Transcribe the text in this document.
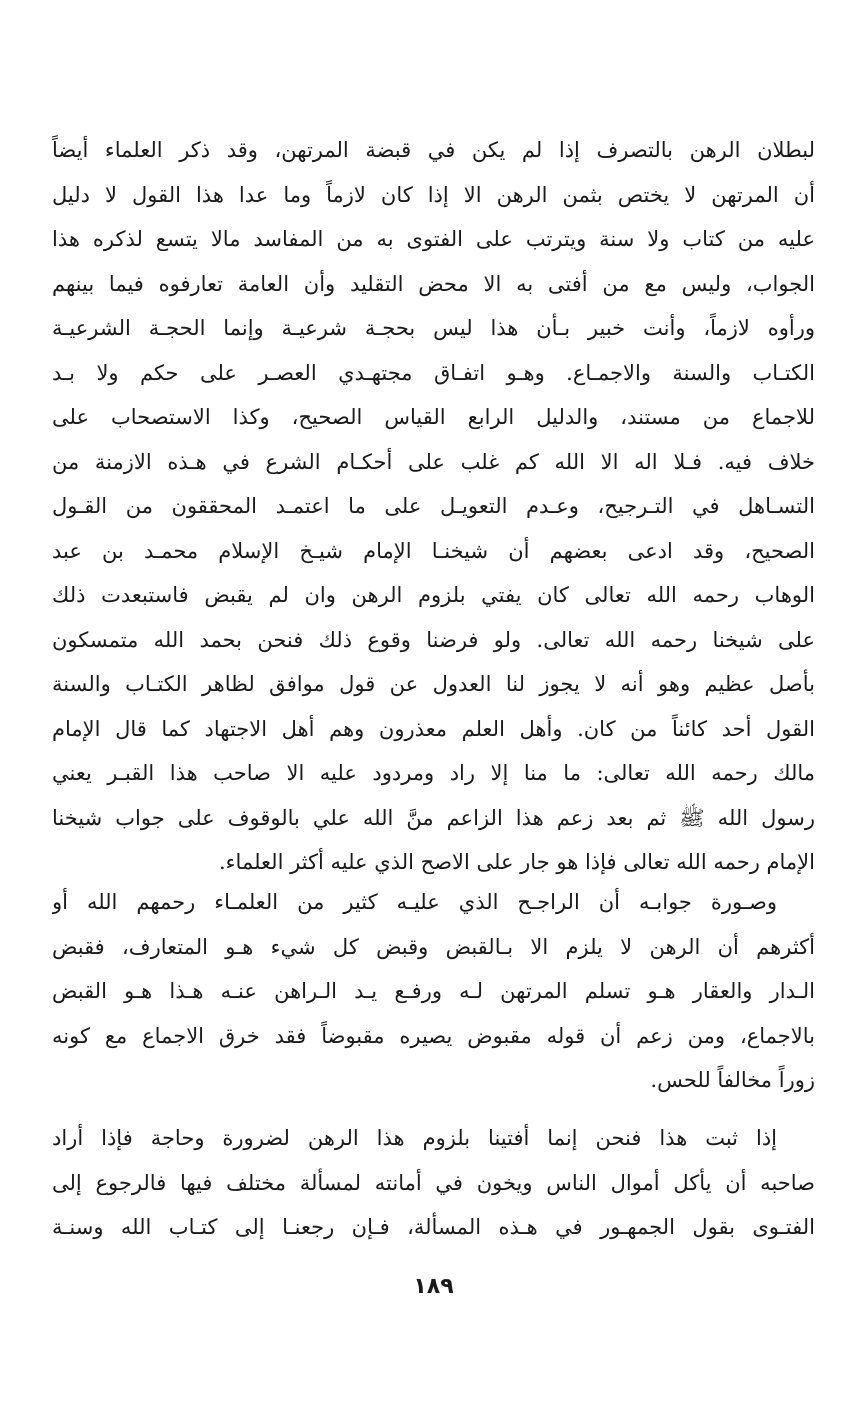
لبطلان الرهن بالتصرف إذا لم يكن في قبضة المرتهن، وقد ذكر العلماء أيضاً
أن المرتهن لا يختص بثمن الرهن الا إذا كان لازماً وما عدا هذا القول لا دليل
عليه من كتاب ولا سنة ويترتب على الفتوى به من المفاسد مالا يتسع لذكره هذا
الجواب، وليس مع من أفتى به الا محض التقليد وأن العامة تعارفوه فيما بينهم
ورأوه لازماً، وأنت خبير بـأن هذا ليس بحجـة شرعيـة وإنما الحجـة الشرعيـة
الكتـاب والسنة والاجمـاع. وهـو اتفـاق مجتهـدي العصـر على حكم ولا بـد
للاجماع من مستند، والدليل الرابع القياس الصحيح، وكذا الاستصحاب على
خلاف فيه. فـلا اله الا الله كم غلب على أحكـام الشرع في هـذه الازمنة من
التسـاهل في التـرجيح، وعـدم التعويـل على ما اعتمـد المحققون من القـول
الصحيح، وقد ادعى بعضهم أن شيخنـا الإمام شيـخ الإسلام محمـد بن عبد
الوهاب رحمه الله تعالى كان يفتي بلزوم الرهن وان لم يقبض فاستبعدت ذلك
على شيخنا رحمه الله تعالى. ولو فرضنا وقوع ذلك فنحن بحمد الله متمسكون
بأصل عظيم وهو أنه لا يجوز لنا العدول عن قول موافق لظاهر الكتـاب والسنة
القول أحد كائناً من كان. وأهل العلم معذرون وهم أهل الاجتهاد كما قال الإمام
مالك رحمه الله تعالى: ما منا إلا راد ومردود عليه الا صاحب هذا القبـر يعني
رسول الله ﷺ ثم بعد زعم هذا الزاعم منَّ الله علي بالوقوف على جواب شيخنا
الإمام رحمه الله تعالى فإذا هو جار على الاصح الذي عليه أكثر العلماء.
وصـورة جوابـه أن الراجـح الذي عليـه كثير من العلمـاء رحمهم الله أو
أكثرهم أن الرهن لا يلزم الا بـالقبض وقبض كل شيء هـو المتعارف، فقبض
الـدار والعقار هـو تسلم المرتهن لـه ورفـع يـد الـراهن عنـه هـذا هـو القبض
بالاجماع، ومن زعم أن قوله مقبوض يصيره مقبوضاً فقد خرق الاجماع مع كونه
زوراً مخالفاً للحس.
إذا ثبت هذا فنحن إنما أفتينا بلزوم هذا الرهن لضرورة وحاجة فإذا أراد
صاحبه أن يأكل أموال الناس ويخون في أمانته لمسألة مختلف فيها فالرجوع إلى
الفتـوى بقول الجمهـور في هـذه المسألة، فـإن رجعنـا إلى كتـاب الله وسنـة
١٨٩
